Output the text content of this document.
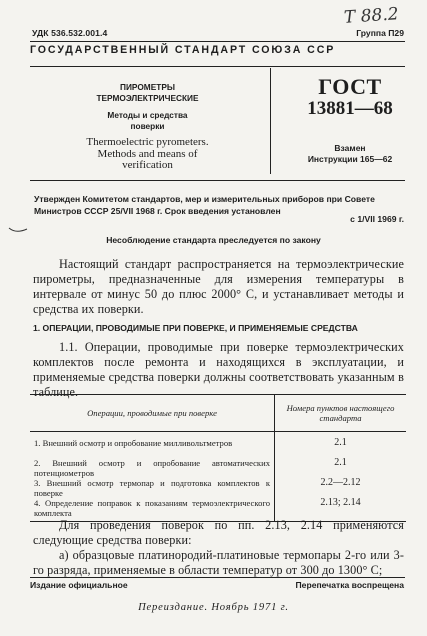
Т 88.2
УДК 536.532.001.4	Группа П29
ГОСУДАРСТВЕННЫЙ СТАНДАРТ СОЮЗА ССР
ПИРОМЕТРЫ
ТЕРМОЭЛЕКТРИЧЕСКИЕ
Методы и средства
поверки
Thermoelectric pyrometers.
Methods and means of
verification
ГОСТ
13881—68
Взамен
Инструкции 165—62
Утвержден Комитетом стандартов, мер и измерительных приборов при Совете
Министров СССР 25/VII 1968 г. Срок введения установлен
с 1/VII 1969 г.
Несоблюдение стандарта преследуется по закону
Настоящий стандарт распространяется на термоэлектрические пирометры, предназначенные для измерения температуры в интервале от минус 50 до плюс 2000° С, и устанавливает методы и средства их поверки.
1. ОПЕРАЦИИ, ПРОВОДИМЫЕ ПРИ ПОВЕРКЕ, И ПРИМЕНЯЕМЫЕ СРЕДСТВА
1.1. Операции, проводимые при поверке термоэлектрических комплектов после ремонта и находящихся в эксплуатации, и применяемые средства поверки должны соответствовать указанным в таблице.
Операции, проводимые при поверке	Номера пунктов настоящего стандарта
1. Внешний осмотр и опробование милливольтметров	2.1
2. Внешний осмотр и опробование автоматических потенциометров	2.1
3. Внешний осмотр термопар и подготовка комплектов к поверке	2.2—2.12
4. Определение поправок к показаниям термоэлектрического комплекта	2.13; 2.14
Для проведения поверок по пп. 2.13, 2.14 применяются следующие средства поверки:
а) образцовые платинородий-платиновые термопары 2-го или 3-го разряда, применяемые в области температур от 300 до 1300° С;
Издание официальное	Перепечатка воспрещена
Переиздание. Ноябрь 1971 г.
